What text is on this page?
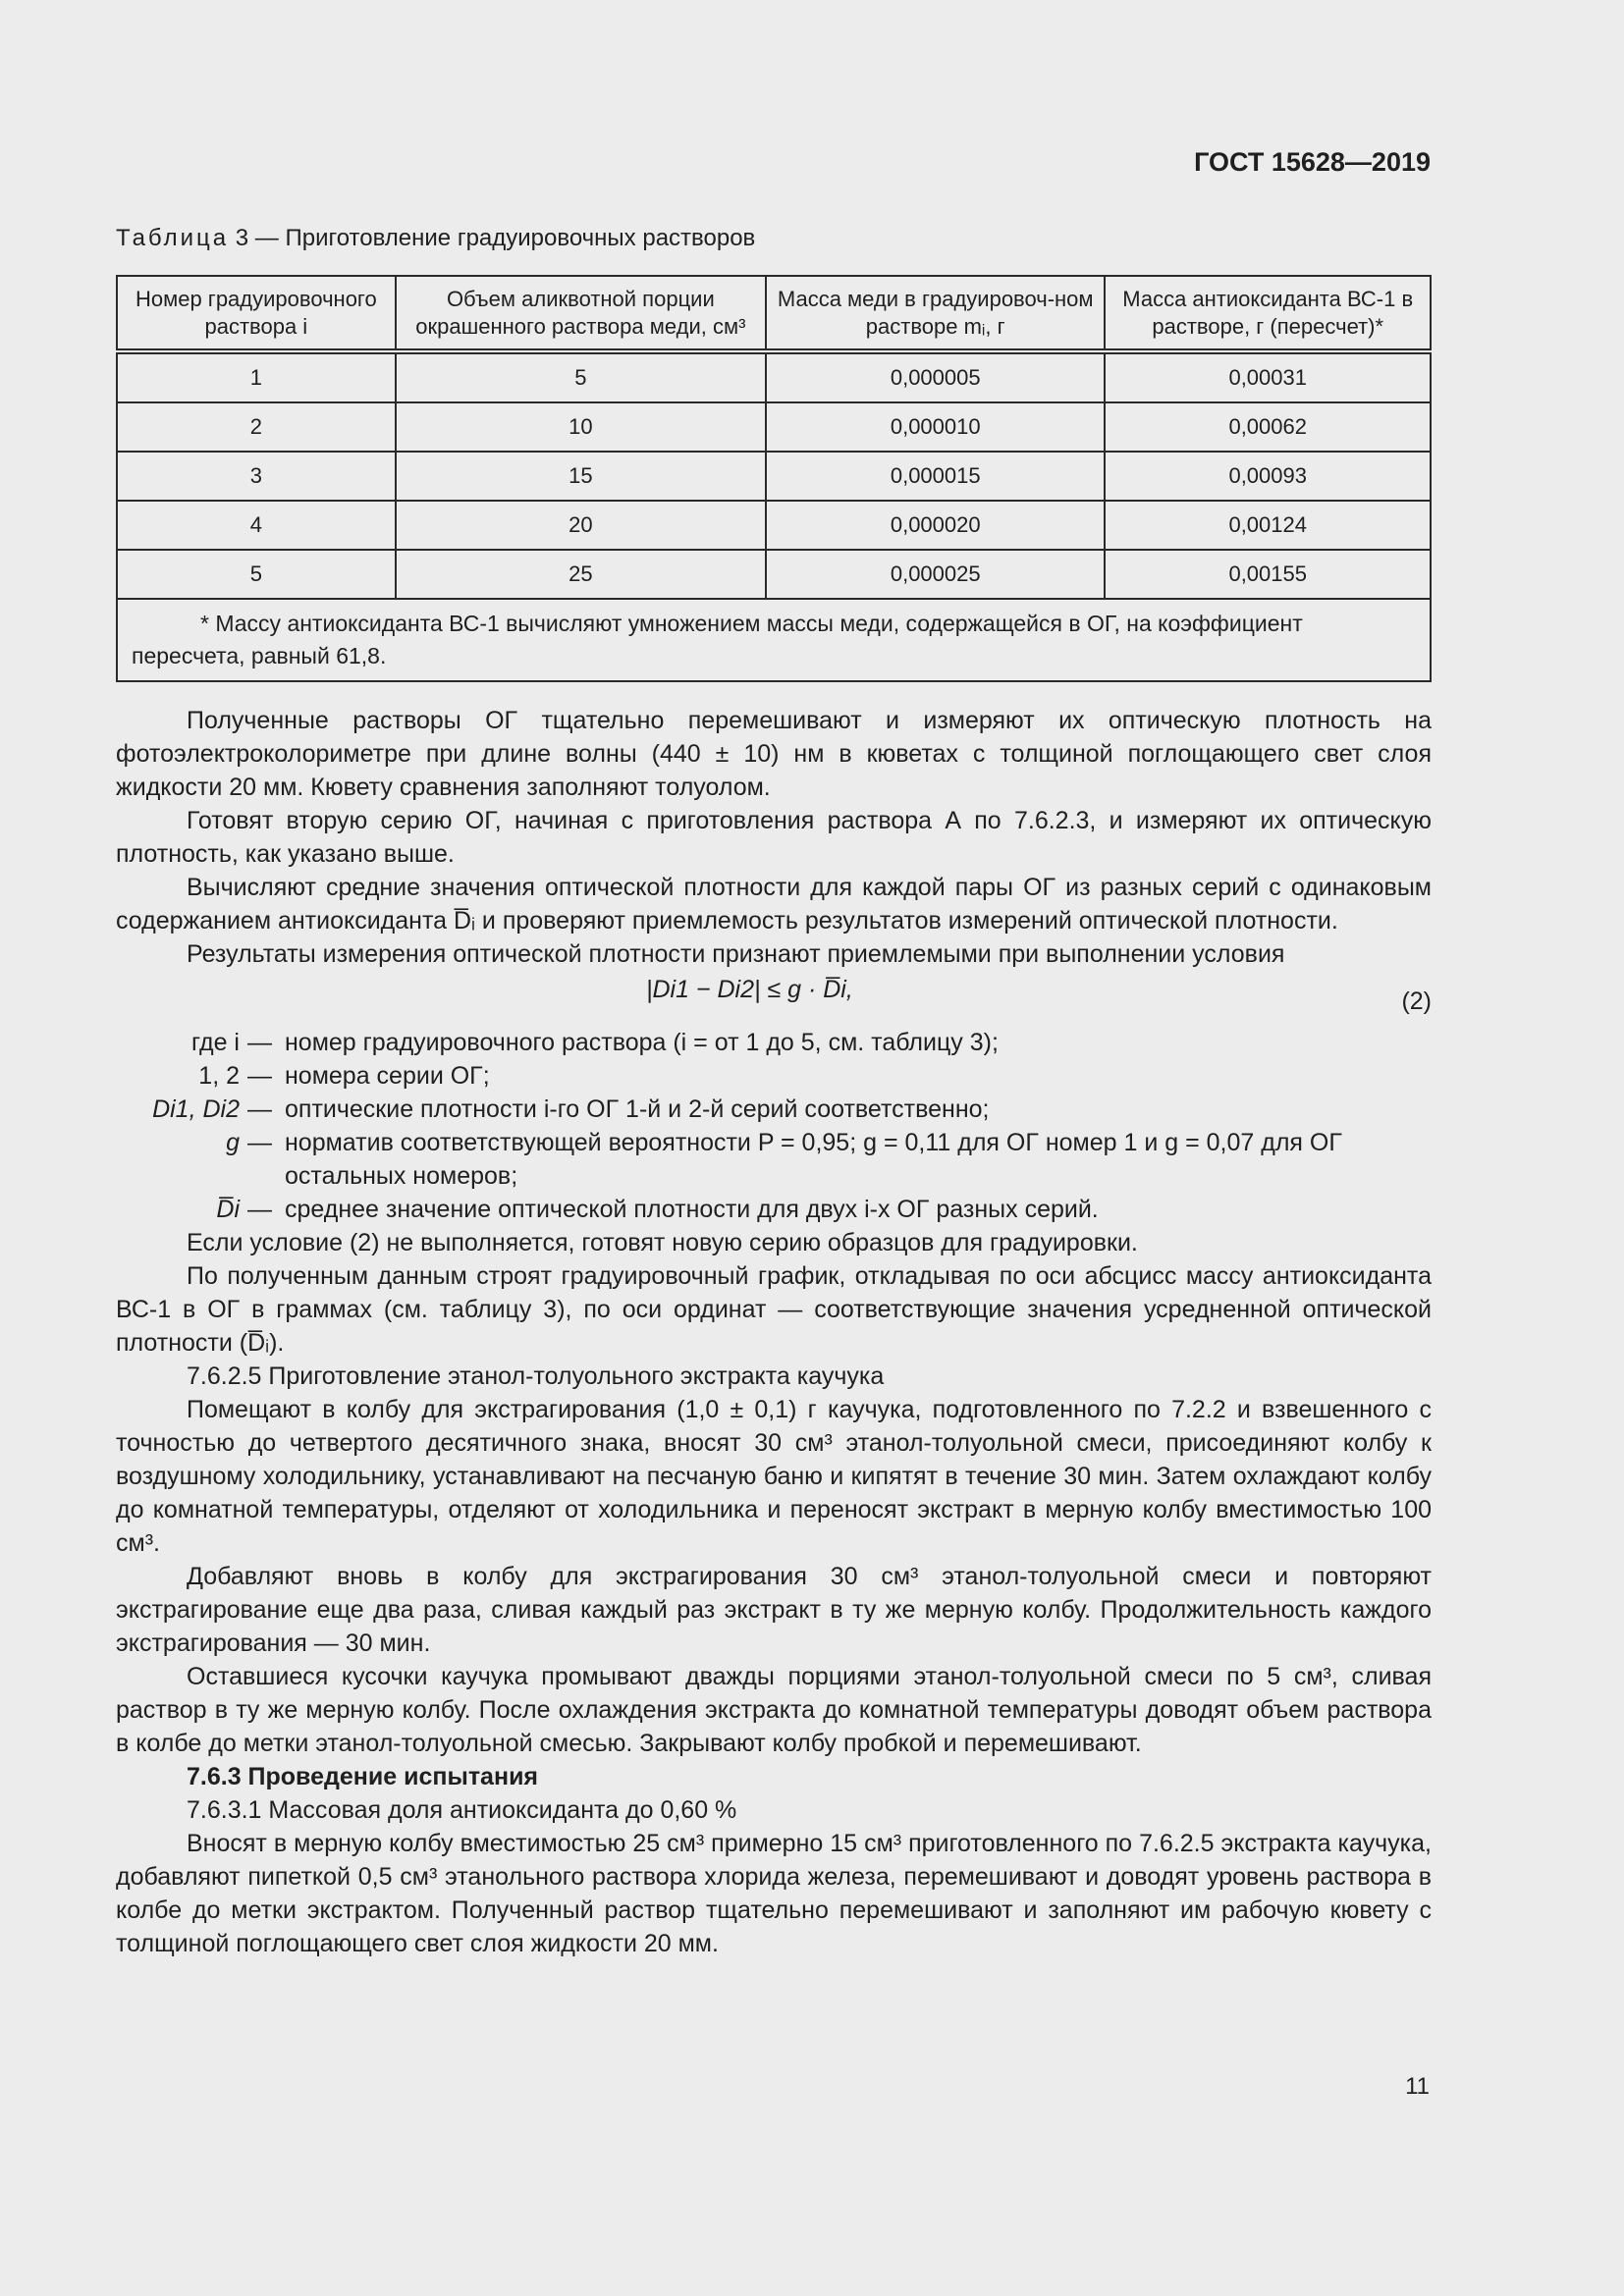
ГОСТ 15628—2019
Таблица 3 — Приготовление градуировочных растворов
Номер градуировочного раствора i	Объем аликвотной порции окрашенного раствора меди, см³	Масса меди в градуировоч-ном растворе mᵢ, г	Масса антиоксиданта ВС-1 в растворе, г (пересчет)*
1	5	0,000005	0,00031
2	10	0,000010	0,00062
3	15	0,000015	0,00093
4	20	0,000020	0,00124
5	25	0,000025	0,00155
* Массу антиоксиданта ВС-1 вычисляют умножением массы меди, содержащейся в ОГ, на коэффициент пересчета, равный 61,8.			

Полученные растворы ОГ тщательно перемешивают и измеряют их оптическую плотность на фотоэлектроколориметре при длине волны (440 ± 10) нм в кюветах с толщиной поглощающего свет слоя жидкости 20 мм. Кювету сравнения заполняют толуолом.

Готовят вторую серию ОГ, начиная с приготовления раствора А по 7.6.2.3, и измеряют их оптическую плотность, как указано выше.

Вычисляют средние значения оптической плотности для каждой пары ОГ из разных серий с одинаковым содержанием антиоксиданта D̅ᵢ и проверяют приемлемость результатов измерений оптической плотности.

Результаты измерения оптической плотности признают приемлемыми при выполнении условия

|Di1 − Di2| ≤ g · D̅i,	(2)
где i — номер градуировочного раствора (i = от 1 до 5, см. таблицу 3);
1, 2 — номера серии ОГ;
Di1, Di2 — оптические плотности i-го ОГ 1-й и 2-й серий соответственно;
g — норматив соответствующей вероятности P = 0,95; g = 0,11 для ОГ номер 1 и g = 0,07 для ОГ остальных номеров;
D̅i — среднее значение оптической плотности для двух i-х ОГ разных серий.

Если условие (2) не выполняется, готовят новую серию образцов для градуировки.

По полученным данным строят градуировочный график, откладывая по оси абсцисс массу антиоксиданта ВС-1 в ОГ в граммах (см. таблицу 3), по оси ординат — соответствующие значения усредненной оптической плотности (D̅ᵢ).

7.6.2.5 Приготовление этанол-толуольного экстракта каучука

Помещают в колбу для экстрагирования (1,0 ± 0,1) г каучука, подготовленного по 7.2.2 и взвешенного с точностью до четвертого десятичного знака, вносят 30 см³ этанол-толуольной смеси, присоединяют колбу к воздушному холодильнику, устанавливают на песчаную баню и кипятят в течение 30 мин. Затем охлаждают колбу до комнатной температуры, отделяют от холодильника и переносят экстракт в мерную колбу вместимостью 100 см³.

Добавляют вновь в колбу для экстрагирования 30 см³ этанол-толуольной смеси и повторяют экстрагирование еще два раза, сливая каждый раз экстракт в ту же мерную колбу. Продолжительность каждого экстрагирования — 30 мин.

Оставшиеся кусочки каучука промывают дважды порциями этанол-толуольной смеси по 5 см³, сливая раствор в ту же мерную колбу. После охлаждения экстракта до комнатной температуры доводят объем раствора в колбе до метки этанол-толуольной смесью. Закрывают колбу пробкой и перемешивают.

7.6.3 Проведение испытания

7.6.3.1 Массовая доля антиоксиданта до 0,60 %

Вносят в мерную колбу вместимостью 25 см³ примерно 15 см³ приготовленного по 7.6.2.5 экстракта каучука, добавляют пипеткой 0,5 см³ этанольного раствора хлорида железа, перемешивают и доводят уровень раствора в колбе до метки экстрактом. Полученный раствор тщательно перемешивают и заполняют им рабочую кювету с толщиной поглощающего свет слоя жидкости 20 мм.

11
